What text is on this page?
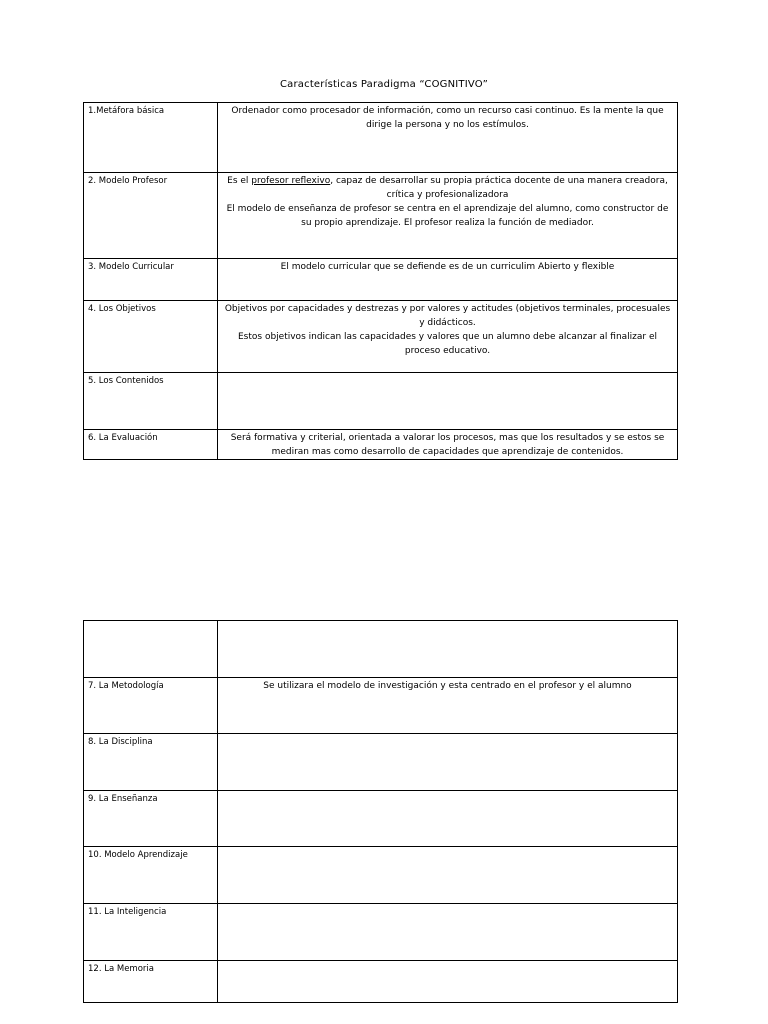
Características Paradigma “COGNITIVO”
1.Metáfora básica	Ordenador como procesador de información, como un recurso casi continuo. Es la mente la que dirige la persona y no los estímulos.

2. Modelo Profesor	Es el profesor reflexivo, capaz de desarrollar su propia práctica docente de una manera creadora, crítica y profesionalizadora
El modelo de enseñanza de profesor se centra en el aprendizaje del alumno, como constructor de su propio aprendizaje. El profesor realiza la función de mediador.

3. Modelo Curricular	El modelo curricular que se defiende es de un curriculim Abierto y flexible

4. Los Objetivos	Objetivos por capacidades y destrezas y por valores y actitudes (objetivos terminales, procesuales y didácticos.
Estos objetivos indican las capacidades y valores que un alumno debe alcanzar al finalizar el proceso educativo.

5. Los Contenidos	
6. La Evaluación	Será formativa y criterial, orientada a valorar los procesos, mas que los resultados y se estos se mediran mas como desarrollo de capacidades que aprendizaje de contenidos.

7. La Metodología	Se utilizara el modelo de investigación y esta centrado en el profesor y el alumno
8. La Disciplina	
9. La Enseñanza	
10. Modelo Aprendizaje	
11. La Inteligencia	
12. La Memoria	
